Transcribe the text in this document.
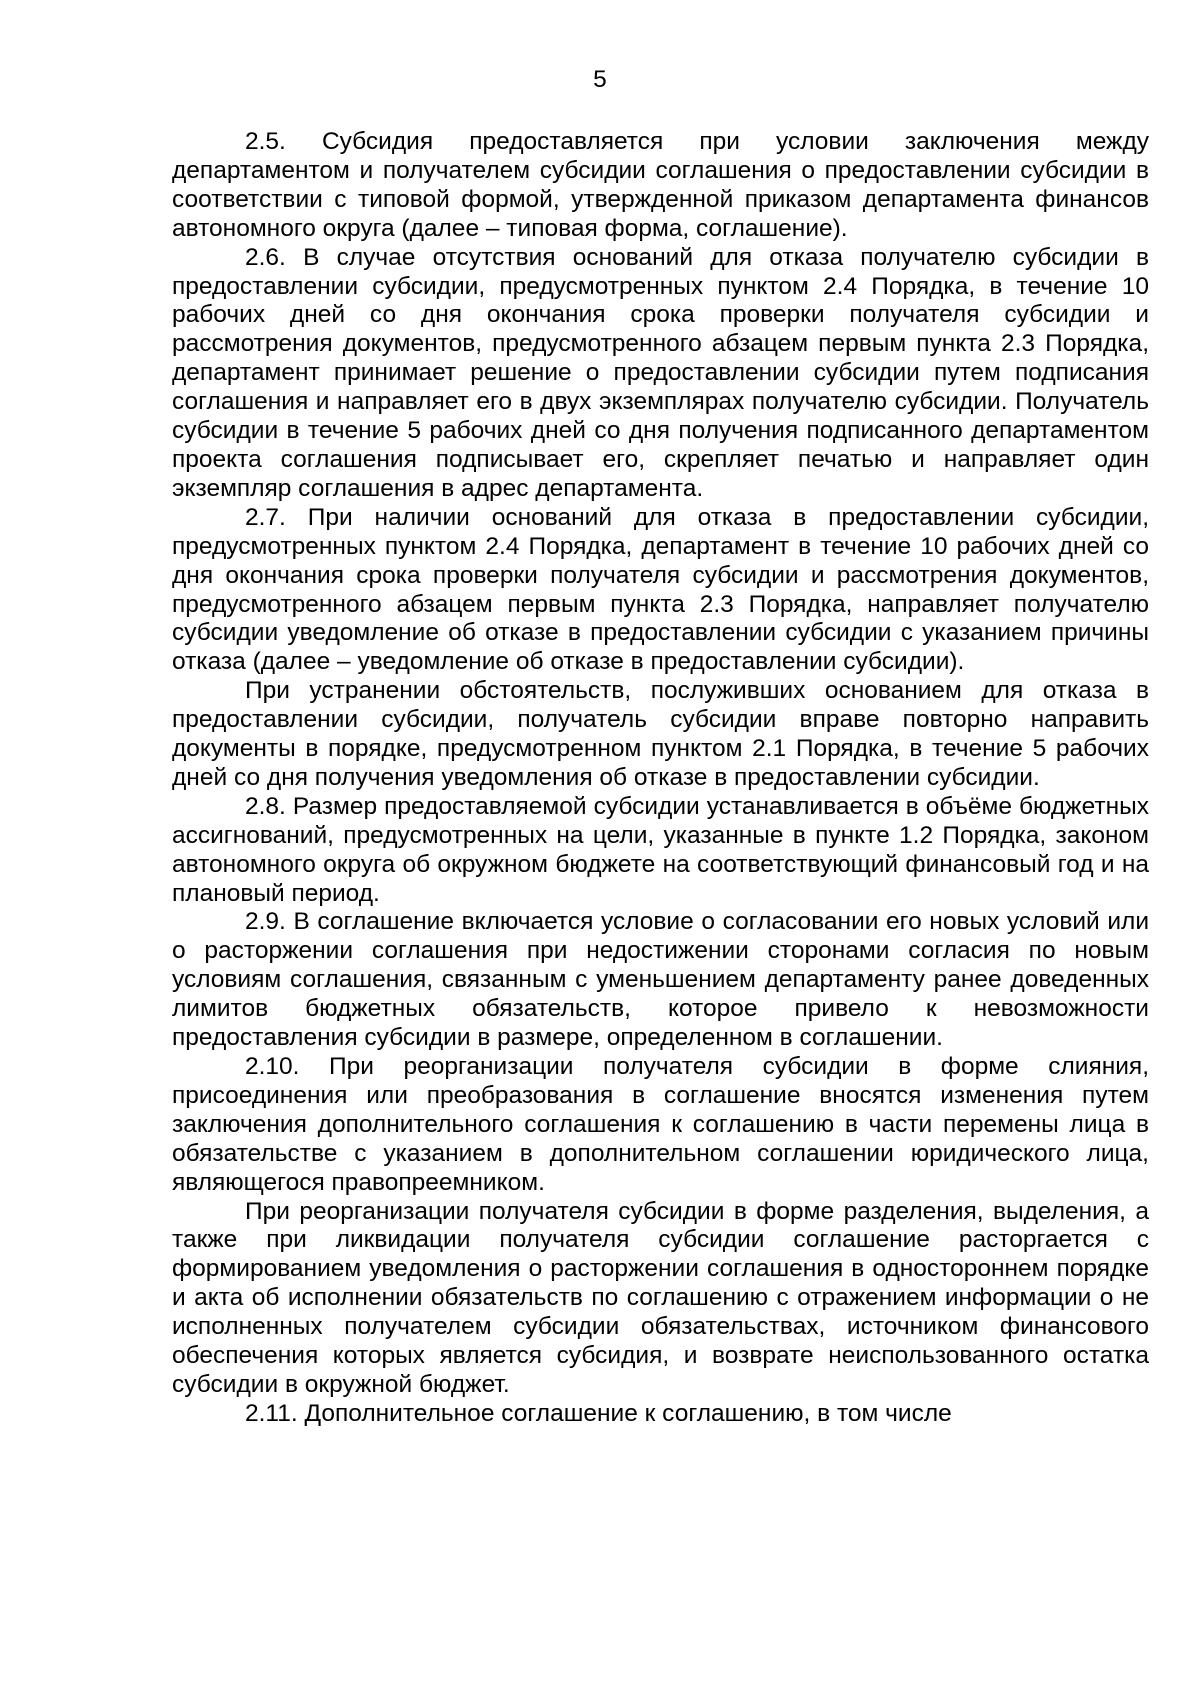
5

2.5. Субсидия предоставляется при условии заключения между департаментом и получателем субсидии соглашения о предоставлении субсидии в соответствии с типовой формой, утвержденной приказом департамента финансов автономного округа (далее – типовая форма, соглашение).

2.6. В случае отсутствия оснований для отказа получателю субсидии в предоставлении субсидии, предусмотренных пунктом 2.4 Порядка, в течение 10 рабочих дней со дня окончания срока проверки получателя субсидии и рассмотрения документов, предусмотренного абзацем первым пункта 2.3 Порядка, департамент принимает решение о предоставлении субсидии путем подписания соглашения и направляет его в двух экземплярах получателю субсидии. Получатель субсидии в течение 5 рабочих дней со дня получения подписанного департаментом проекта соглашения подписывает его, скрепляет печатью и направляет один экземпляр соглашения в адрес департамента.

2.7. При наличии оснований для отказа в предоставлении субсидии, предусмотренных пунктом 2.4 Порядка, департамент в течение 10 рабочих дней со дня окончания срока проверки получателя субсидии и рассмотрения документов, предусмотренного абзацем первым пункта 2.3 Порядка, направляет получателю субсидии уведомление об отказе в предоставлении субсидии с указанием причины отказа (далее – уведомление об отказе в предоставлении субсидии).

При устранении обстоятельств, послуживших основанием для отказа в предоставлении субсидии, получатель субсидии вправе повторно направить документы в порядке, предусмотренном пунктом 2.1 Порядка, в течение 5 рабочих дней со дня получения уведомления об отказе в предоставлении субсидии.

2.8. Размер предоставляемой субсидии устанавливается в объёме бюджетных ассигнований, предусмотренных на цели, указанные в пункте 1.2 Порядка, законом автономного округа об окружном бюджете на соответствующий финансовый год и на плановый период.

2.9. В соглашение включается условие о согласовании его новых условий или о расторжении соглашения при недостижении сторонами согласия по новым условиям соглашения, связанным с уменьшением департаменту ранее доведенных лимитов бюджетных обязательств, которое привело к невозможности предоставления субсидии в размере, определенном в соглашении.

2.10. При реорганизации получателя субсидии в форме слияния, присоединения или преобразования в соглашение вносятся изменения путем заключения дополнительного соглашения к соглашению в части перемены лица в обязательстве с указанием в дополнительном соглашении юридического лица, являющегося правопреемником.

При реорганизации получателя субсидии в форме разделения, выделения, а также при ликвидации получателя субсидии соглашение расторгается с формированием уведомления о расторжении соглашения в одностороннем порядке и акта об исполнении обязательств по соглашению с отражением информации о не исполненных получателем субсидии обязательствах, источником финансового обеспечения которых является субсидия, и возврате неиспользованного остатка субсидии в окружной бюджет.

2.11. Дополнительное соглашение к соглашению, в том числе
